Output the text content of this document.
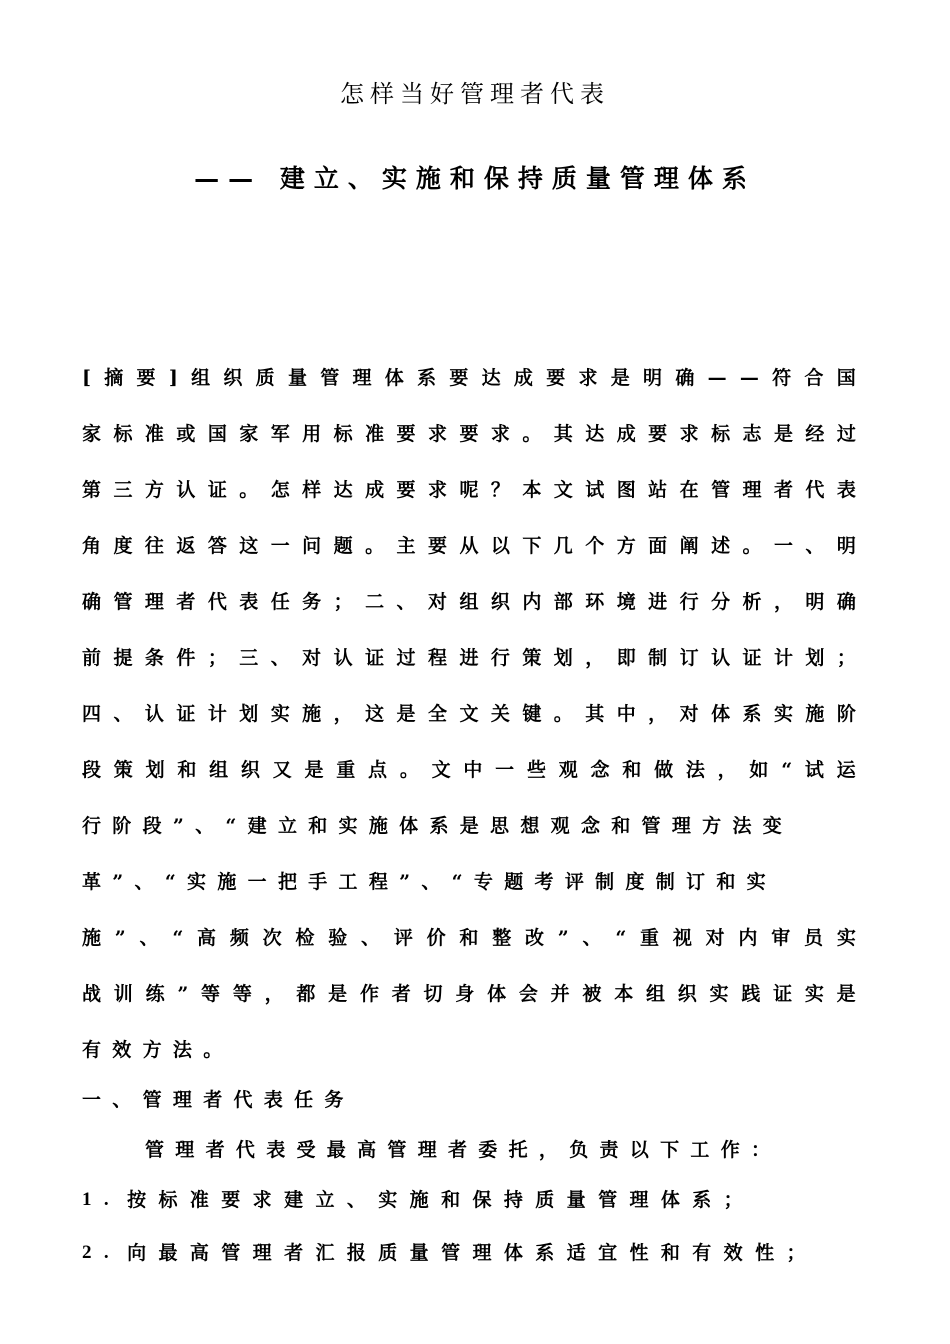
怎样当好管理者代表
—— 建立、实施和保持质量管理体系
[ 摘 要 ] 组 织 质 量 管 理 体 系 要 达 成 要 求 是 明 确 — — 符 合 国
家 标 准 或 国 家 军 用 标 准 要 求 要 求 。 其 达 成 要 求 标 志 是 经 过
第 三 方 认 证 。 怎 样 达 成 要 求 呢 ？ 本 文 试 图 站 在 管 理 者 代 表
角 度 往 返 答 这 一 问 题 。 主 要 从 以 下 几 个 方 面 阐 述 。 一 、 明
确 管 理 者 代 表 任 务 ； 二 、 对 组 织 内 部 环 境 进 行 分 析 ， 明 确
前 提 条 件 ； 三 、 对 认 证 过 程 进 行 策 划 ， 即 制 订 认 证 计 划 ；
四 、 认 证 计 划 实 施 ， 这 是 全 文 关 键 。 其 中 ， 对 体 系 实 施 阶
段 策 划 和 组 织 又 是 重 点 。 文 中 一 些 观 念 和 做 法 ， 如 “ 试 运
行阶段”、“建立和实施体系是思想观念和管理方法变
革”、“实施一把手工程”、“专题考评制度制订和实
施 ” 、 “ 高 频 次 检 验 、 评 价 和 整 改 ” 、 “ 重 视 对 内 审 员 实
战 训 练 ” 等 等 ， 都 是 作 者 切 身 体 会 并 被 本 组 织 实 践 证 实 是
有效方法。
一、管理者代表任务
管理者代表受最高管理者委托，负责以下工作：
1. 按标准要求建立、实施和保持质量管理体系；
2. 向最高管理者汇报质量管理体系适宜性和有效性；
